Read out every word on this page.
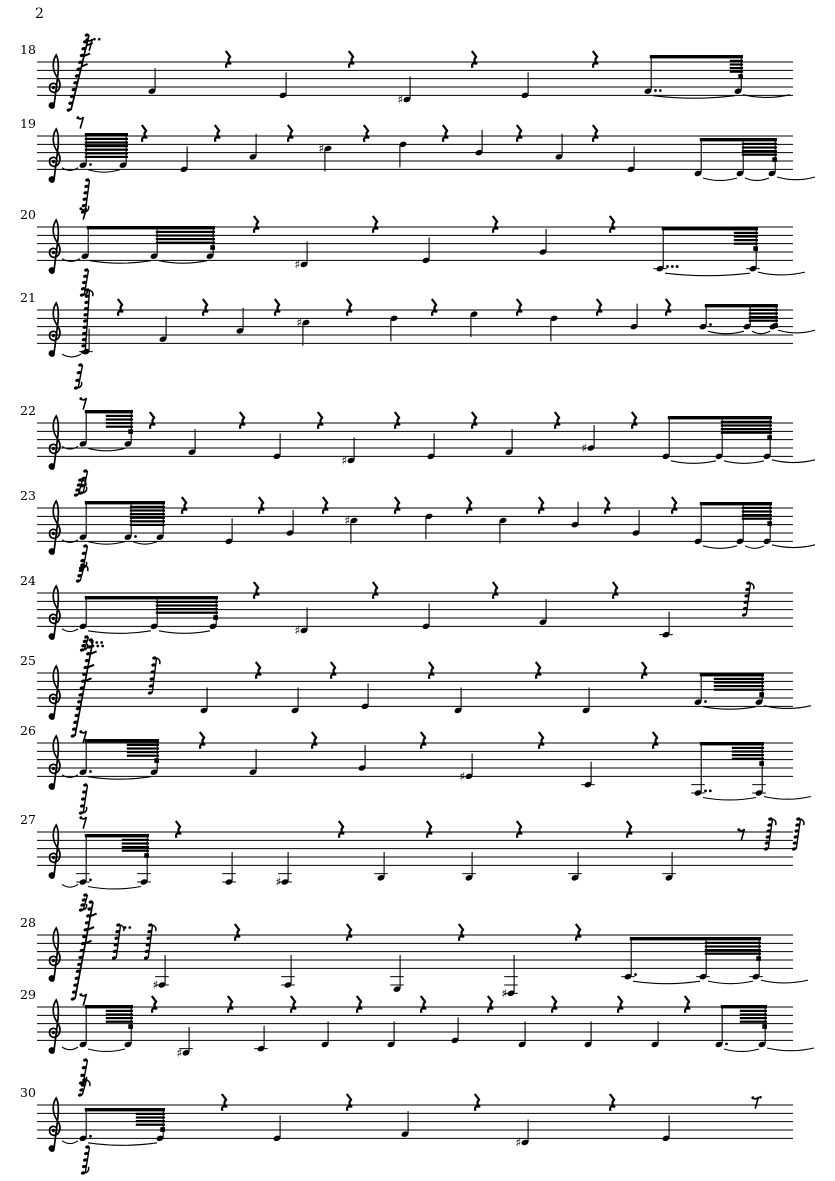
2
18
♯
19
♯
20
♯
21
♯
22
♯
♯
23
♯
24
♯
25
26
♯
27
♯
28
♯
♯
29
♯
30
♯
